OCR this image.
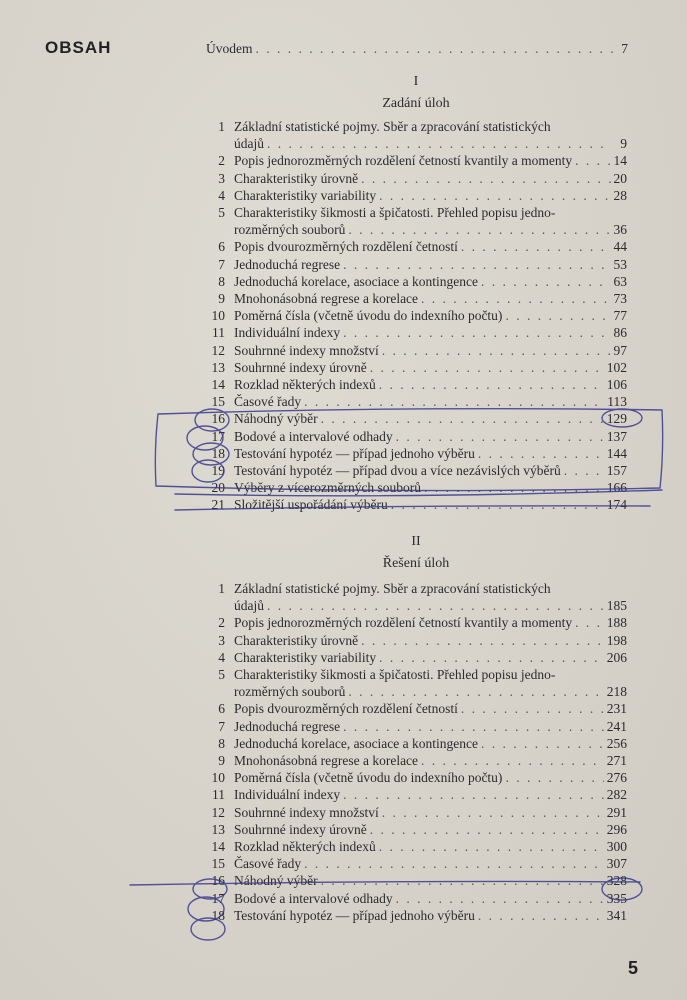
OBSAH	Úvodem . . .	7
I
Zadání úloh
1 Základní statistické pojmy. Sběr a zpracování statistických
údajů . . .	9
2 Popis jednorozměrných rozdělení četností kvantily a momenty . . .	14
3 Charakteristiky úrovně . . .	20
4 Charakteristiky variability . . .	28
5 Charakteristiky šikmosti a špičatosti. Přehled popisu jedno-
rozměrných souborů . . .	36
6 Popis dvourozměrných rozdělení četností . . .	44
7 Jednoduchá regrese . . .	53
8 Jednoduchá korelace, asociace a kontingence . . .	63
9 Mnohonásobná regrese a korelace . . .	73
10 Poměrná čísla (včetně úvodu do indexního počtu) . . .	77
11 Individuální indexy . . .	86
12 Souhrnné indexy množství . . .	97
13 Souhrnné indexy úrovně . . .	102
14 Rozklad některých indexů . . .	106
15 Časové řady . . .	113
16 Náhodný výběr . . .	129
17 Bodové a intervalové odhady . . .	137
18 Testování hypotéz — případ jednoho výběru . . .	144
19 Testování hypotéz — případ dvou a více nezávislých výběrů . . .	157
20 Výběry z vícerozměrných souborů . . .	166
21 Složitější uspořádání výběru . . .	174
II
Řešení úloh
1 Základní statistické pojmy. Sběr a zpracování statistických
údajů . . .	185
2 Popis jednorozměrných rozdělení četností kvantily a momenty . . .	188
3 Charakteristiky úrovně . . .	198
4 Charakteristiky variability . . .	206
5 Charakteristiky šikmosti a špičatosti. Přehled popisu jedno-
rozměrných souborů . . .	218
6 Popis dvourozměrných rozdělení četností . . .	231
7 Jednoduchá regrese . . .	241
8 Jednoduchá korelace, asociace a kontingence . . .	256
9 Mnohonásobná regrese a korelace . . .	271
10 Poměrná čísla (včetně úvodu do indexního počtu) . . .	276
11 Individuální indexy . . .	282
12 Souhrnné indexy množství . . .	291
13 Souhrnné indexy úrovně . . .	296
14 Rozklad některých indexů . . .	300
15 Časové řady . . .	307
16 Náhodný výběr . . .	328
17 Bodové a intervalové odhady . . .	335
18 Testování hypotéz — případ jednoho výběru . . .	341
5
